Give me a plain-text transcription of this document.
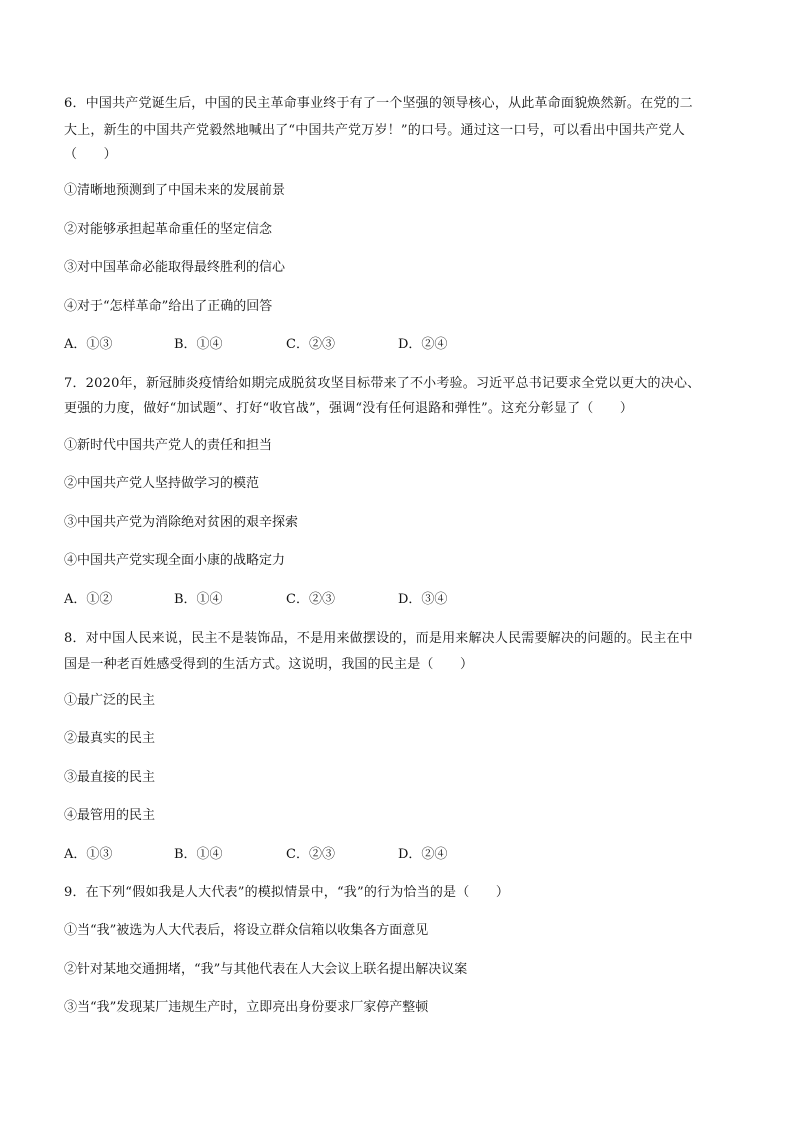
6．中国共产党诞生后，中国的民主革命事业终于有了一个坚强的领导核心，从此革命面貌焕然新。在党的二
大上，新生的中国共产党毅然地喊出了“中国共产党万岁！”的口号。通过这一口号，可以看出中国共产党人
（　　）
①清晰地预测到了中国未来的发展前景
②对能够承担起革命重任的坚定信念
③对中国革命必能取得最终胜利的信心
④对于“怎样革命”给出了正确的回答
A．①③	B．①④	C．②③	D．②④
7．2020年，新冠肺炎疫情给如期完成脱贫攻坚目标带来了不小考验。习近平总书记要求全党以更大的决心、
更强的力度，做好“加试题”、打好“收官战”，强调“没有任何退路和弹性”。这充分彰显了（　　）
①新时代中国共产党人的责任和担当
②中国共产党人坚持做学习的模范
③中国共产党为消除绝对贫困的艰辛探索
④中国共产党实现全面小康的战略定力
A．①②	B．①④	C．②③	D．③④
8．对中国人民来说，民主不是装饰品，不是用来做摆设的，而是用来解决人民需要解决的问题的。民主在中
国是一种老百姓感受得到的生活方式。这说明，我国的民主是（　　）
①最广泛的民主
②最真实的民主
③最直接的民主
④最管用的民主
A．①③	B．①④	C．②③	D．②④
9．在下列“假如我是人大代表”的模拟情景中，“我”的行为恰当的是（　　）
①当“我”被选为人大代表后，将设立群众信箱以收集各方面意见
②针对某地交通拥堵，“我”与其他代表在人大会议上联名提出解决议案
③当“我”发现某厂违规生产时，立即亮出身份要求厂家停产整顿
